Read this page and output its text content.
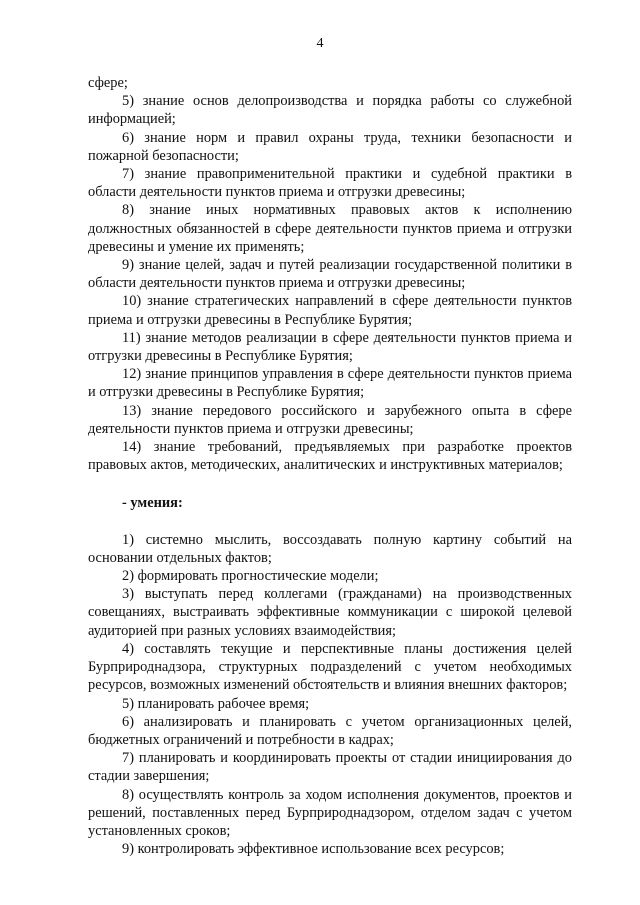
4

сфере;

5) знание основ делопроизводства и порядка работы со служебной информацией;

6) знание норм и правил охраны труда, техники безопасности и пожарной безопасности;

7) знание правоприменительной практики и судебной практики в области деятельности пунктов приема и отгрузки древесины;

8) знание иных нормативных правовых актов к исполнению должностных обязанностей в сфере деятельности пунктов приема и отгрузки древесины и умение их применять;

9) знание целей, задач и путей реализации государственной политики в области деятельности пунктов приема и отгрузки древесины;

10) знание стратегических направлений в сфере деятельности пунктов приема и отгрузки древесины в Республике Бурятия;

11) знание методов реализации в сфере деятельности пунктов приема и отгрузки древесины в Республике Бурятия;

12) знание принципов управления в сфере деятельности пунктов приема и отгрузки древесины в Республике Бурятия;

13) знание передового российского и зарубежного опыта в сфере деятельности пунктов приема и отгрузки древесины;

14) знание требований, предъявляемых при разработке проектов правовых актов, методических, аналитических и инструктивных материалов;

- умения:

1) системно мыслить, воссоздавать полную картину событий на основании отдельных фактов;

2) формировать прогностические модели;

3) выступать перед коллегами (гражданами) на производственных совещаниях, выстраивать эффективные коммуникации с широкой целевой аудиторией при разных условиях взаимодействия;

4) составлять текущие и перспективные планы достижения целей Бурприроднадзора, структурных подразделений с учетом необходимых ресурсов, возможных изменений обстоятельств и влияния внешних факторов;

5) планировать рабочее время;

6) анализировать и планировать с учетом организационных целей, бюджетных ограничений и потребности в кадрах;

7) планировать и координировать проекты от стадии инициирования до стадии завершения;

8) осуществлять контроль за ходом исполнения документов, проектов и решений, поставленных перед Бурприроднадзором, отделом задач с учетом установленных сроков;

9) контролировать эффективное использование всех ресурсов;
